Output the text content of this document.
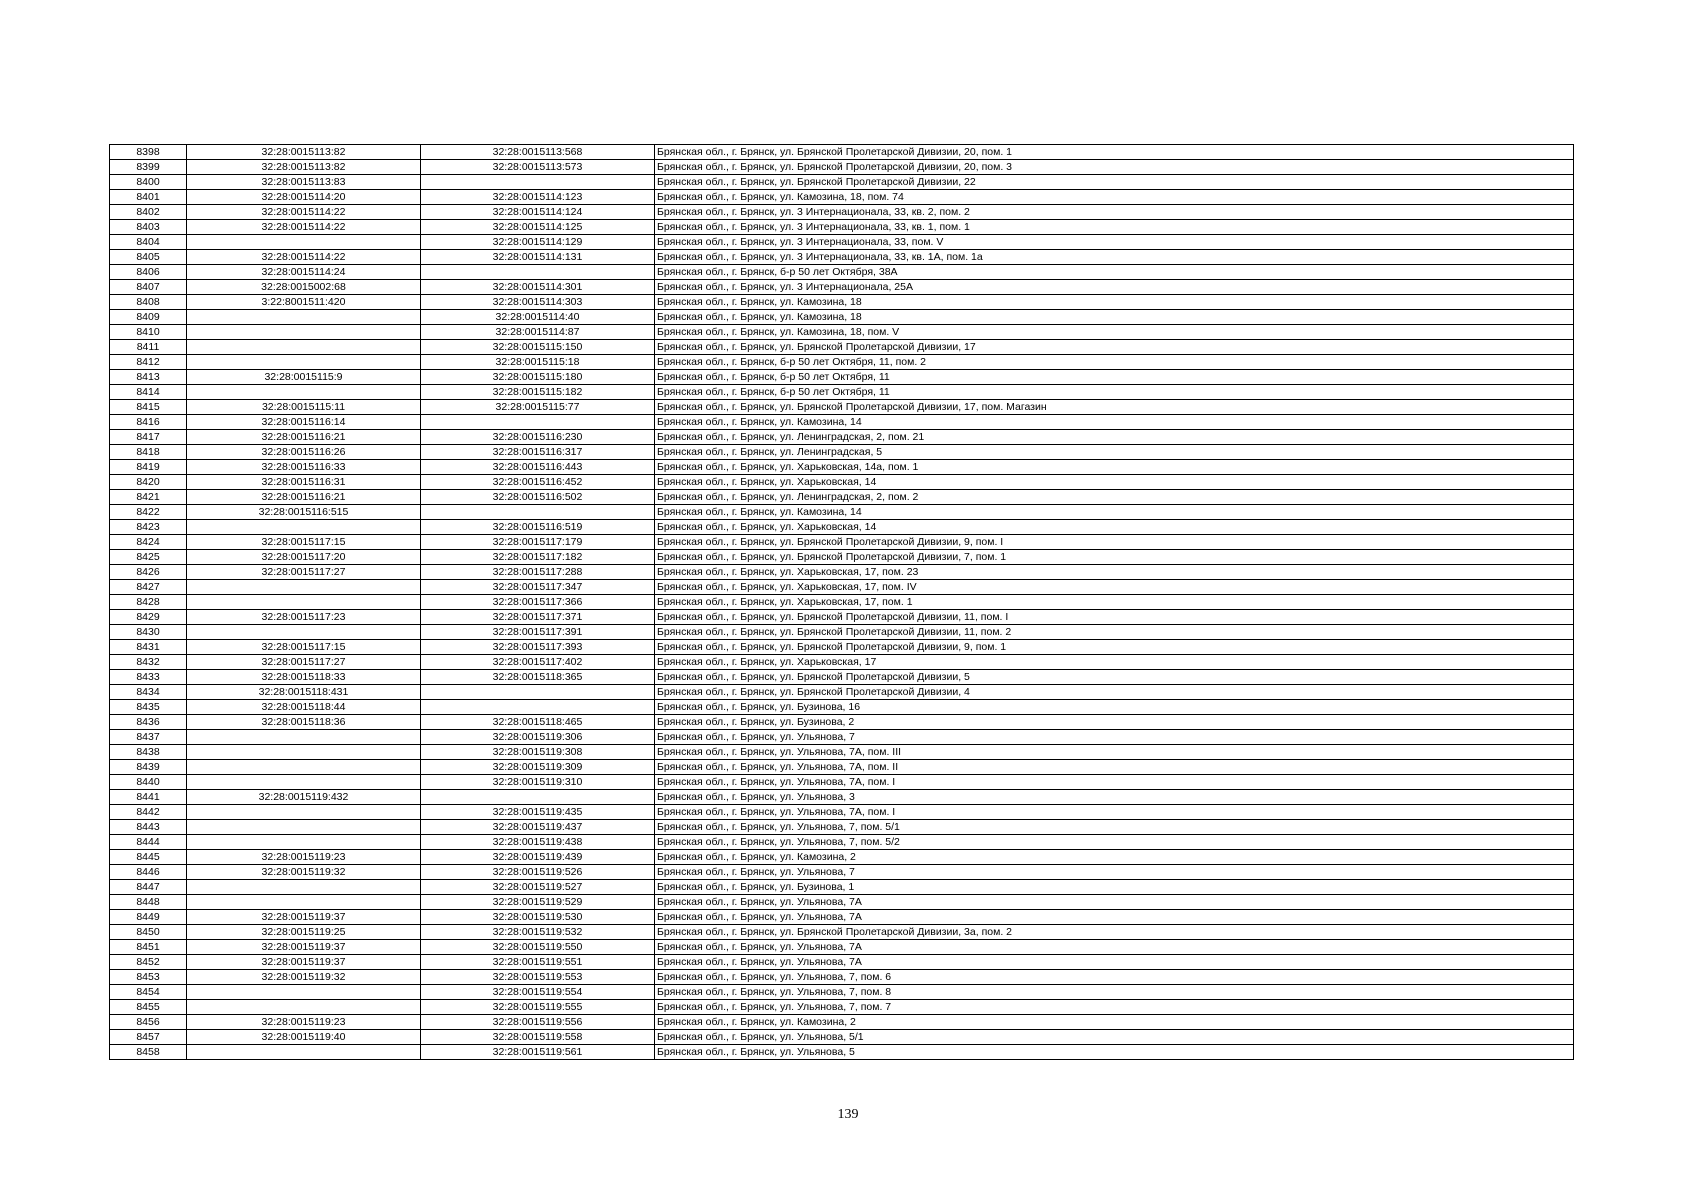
8398	32:28:0015113:82	32:28:0015113:568	Брянская обл., г. Брянск, ул. Брянской Пролетарской Дивизии, 20, пом. 1
8399	32:28:0015113:82	32:28:0015113:573	Брянская обл., г. Брянск, ул. Брянской Пролетарской Дивизии, 20, пом. 3
8400	32:28:0015113:83		Брянская обл., г. Брянск, ул. Брянской Пролетарской Дивизии, 22
8401	32:28:0015114:20	32:28:0015114:123	Брянская обл., г. Брянск, ул. Камозина, 18, пом. 74
8402	32:28:0015114:22	32:28:0015114:124	Брянская обл., г. Брянск, ул. 3 Интернационала, 33, кв. 2, пом. 2
8403	32:28:0015114:22	32:28:0015114:125	Брянская обл., г. Брянск, ул. 3 Интернационала, 33, кв. 1, пом. 1
8404		32:28:0015114:129	Брянская обл., г. Брянск, ул. 3 Интернационала, 33, пом. V
8405	32:28:0015114:22	32:28:0015114:131	Брянская обл., г. Брянск, ул. 3 Интернационала, 33, кв. 1А, пом. 1а
8406	32:28:0015114:24		Брянская обл., г. Брянск, б-р 50 лет Октября, 38А
8407	32:28:0015002:68	32:28:0015114:301	Брянская обл., г. Брянск, ул. 3 Интернационала, 25А
8408	3:22:8001511:420	32:28:0015114:303	Брянская обл., г. Брянск, ул. Камозина, 18
8409		32:28:0015114:40	Брянская обл., г. Брянск, ул. Камозина, 18
8410		32:28:0015114:87	Брянская обл., г. Брянск, ул. Камозина, 18, пом. V
8411		32:28:0015115:150	Брянская обл., г. Брянск, ул. Брянской Пролетарской Дивизии, 17
8412		32:28:0015115:18	Брянская обл., г. Брянск, б-р 50 лет Октября, 11, пом. 2
8413	32:28:0015115:9	32:28:0015115:180	Брянская обл., г. Брянск, б-р 50 лет Октября, 11
8414		32:28:0015115:182	Брянская обл., г. Брянск, б-р 50 лет Октября, 11
8415	32:28:0015115:11	32:28:0015115:77	Брянская обл., г. Брянск, ул. Брянской Пролетарской Дивизии, 17, пом. Магазин
8416	32:28:0015116:14		Брянская обл., г. Брянск, ул. Камозина, 14
8417	32:28:0015116:21	32:28:0015116:230	Брянская обл., г. Брянск, ул. Ленинградская, 2, пом. 21
8418	32:28:0015116:26	32:28:0015116:317	Брянская обл., г. Брянск, ул. Ленинградская, 5
8419	32:28:0015116:33	32:28:0015116:443	Брянская обл., г. Брянск, ул. Харьковская, 14а, пом. 1
8420	32:28:0015116:31	32:28:0015116:452	Брянская обл., г. Брянск, ул. Харьковская, 14
8421	32:28:0015116:21	32:28:0015116:502	Брянская обл., г. Брянск, ул. Ленинградская, 2, пом. 2
8422	32:28:0015116:515		Брянская обл., г. Брянск, ул. Камозина, 14
8423		32:28:0015116:519	Брянская обл., г. Брянск, ул. Харьковская, 14
8424	32:28:0015117:15	32:28:0015117:179	Брянская обл., г. Брянск, ул. Брянской Пролетарской Дивизии, 9, пом. I
8425	32:28:0015117:20	32:28:0015117:182	Брянская обл., г. Брянск, ул. Брянской Пролетарской Дивизии, 7, пом. 1
8426	32:28:0015117:27	32:28:0015117:288	Брянская обл., г. Брянск, ул. Харьковская, 17, пом. 23
8427		32:28:0015117:347	Брянская обл., г. Брянск, ул. Харьковская, 17, пом. IV
8428		32:28:0015117:366	Брянская обл., г. Брянск, ул. Харьковская, 17, пом. 1
8429	32:28:0015117:23	32:28:0015117:371	Брянская обл., г. Брянск, ул. Брянской Пролетарской Дивизии, 11, пом. I
8430		32:28:0015117:391	Брянская обл., г. Брянск, ул. Брянской Пролетарской Дивизии, 11, пом. 2
8431	32:28:0015117:15	32:28:0015117:393	Брянская обл., г. Брянск, ул. Брянской Пролетарской Дивизии, 9, пом. 1
8432	32:28:0015117:27	32:28:0015117:402	Брянская обл., г. Брянск, ул. Харьковская, 17
8433	32:28:0015118:33	32:28:0015118:365	Брянская обл., г. Брянск, ул. Брянской Пролетарской Дивизии, 5
8434	32:28:0015118:431		Брянская обл., г. Брянск, ул. Брянской Пролетарской Дивизии, 4
8435	32:28:0015118:44		Брянская обл., г. Брянск, ул. Бузинова, 16
8436	32:28:0015118:36	32:28:0015118:465	Брянская обл., г. Брянск, ул. Бузинова, 2
8437		32:28:0015119:306	Брянская обл., г. Брянск, ул. Ульянова, 7
8438		32:28:0015119:308	Брянская обл., г. Брянск, ул. Ульянова, 7А, пом. III
8439		32:28:0015119:309	Брянская обл., г. Брянск, ул. Ульянова, 7А, пом. II
8440		32:28:0015119:310	Брянская обл., г. Брянск, ул. Ульянова, 7А, пом. I
8441	32:28:0015119:432		Брянская обл., г. Брянск, ул. Ульянова, 3
8442		32:28:0015119:435	Брянская обл., г. Брянск, ул. Ульянова, 7А, пом. I
8443		32:28:0015119:437	Брянская обл., г. Брянск, ул. Ульянова, 7, пом. 5/1
8444		32:28:0015119:438	Брянская обл., г. Брянск, ул. Ульянова, 7, пом. 5/2
8445	32:28:0015119:23	32:28:0015119:439	Брянская обл., г. Брянск, ул. Камозина, 2
8446	32:28:0015119:32	32:28:0015119:526	Брянская обл., г. Брянск, ул. Ульянова, 7
8447		32:28:0015119:527	Брянская обл., г. Брянск, ул. Бузинова, 1
8448		32:28:0015119:529	Брянская обл., г. Брянск, ул. Ульянова, 7А
8449	32:28:0015119:37	32:28:0015119:530	Брянская обл., г. Брянск, ул. Ульянова, 7А
8450	32:28:0015119:25	32:28:0015119:532	Брянская обл., г. Брянск, ул. Брянской Пролетарской Дивизии, 3а, пом. 2
8451	32:28:0015119:37	32:28:0015119:550	Брянская обл., г. Брянск, ул. Ульянова, 7А
8452	32:28:0015119:37	32:28:0015119:551	Брянская обл., г. Брянск, ул. Ульянова, 7А
8453	32:28:0015119:32	32:28:0015119:553	Брянская обл., г. Брянск, ул. Ульянова, 7, пом. 6
8454		32:28:0015119:554	Брянская обл., г. Брянск, ул. Ульянова, 7, пом. 8
8455		32:28:0015119:555	Брянская обл., г. Брянск, ул. Ульянова, 7, пом. 7
8456	32:28:0015119:23	32:28:0015119:556	Брянская обл., г. Брянск, ул. Камозина, 2
8457	32:28:0015119:40	32:28:0015119:558	Брянская обл., г. Брянск, ул. Ульянова, 5/1
8458		32:28:0015119:561	Брянская обл., г. Брянск, ул. Ульянова, 5
139
